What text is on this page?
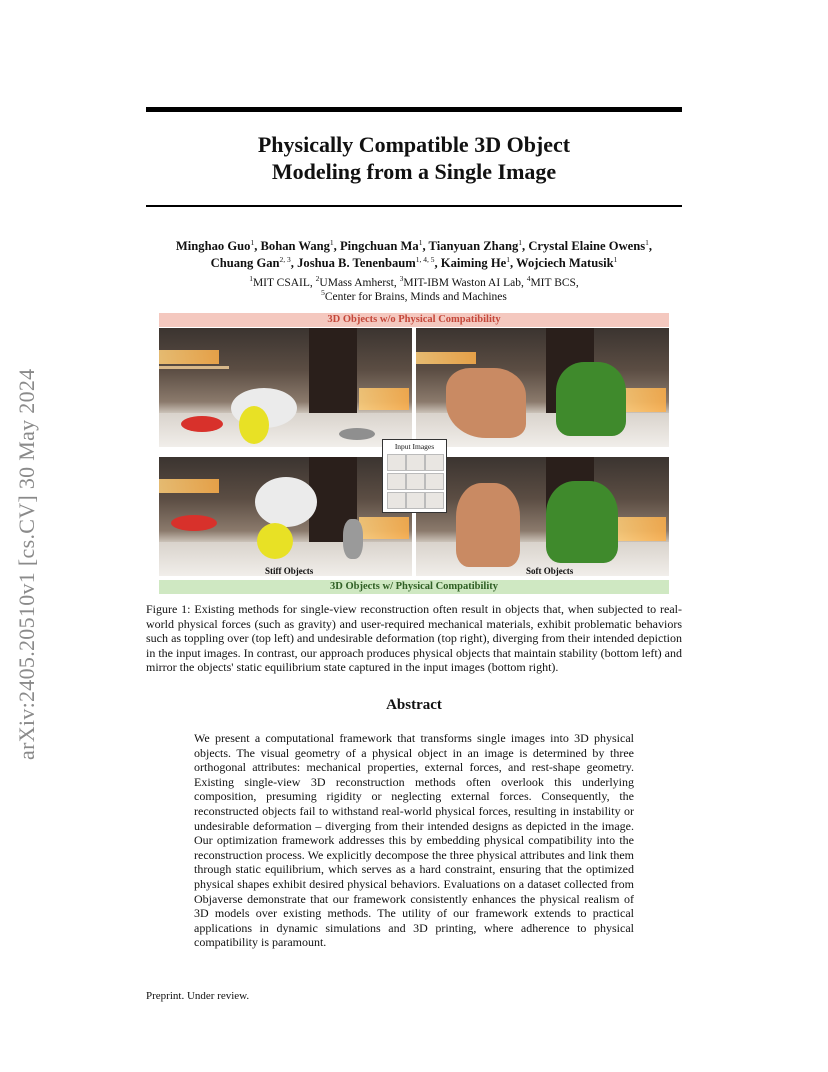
arXiv:2405.20510v1 [cs.CV] 30 May 2024
Physically Compatible 3D Object
Modeling from a Single Image
Minghao Guo$^1$, Bohan Wang$^1$, Pingchuan Ma$^1$, Tianyuan Zhang$^1$, Crystal Elaine Owens$^1$,
Chuang Gan$^{2, 3}$, Joshua B. Tenenbaum$^{1, 4, 5}$, Kaiming He$^1$, Wojciech Matusik$^1$
$^1$MIT CSAIL, $^2$UMass Amherst, $^3$MIT-IBM Waston AI Lab, $^4$MIT BCS,
$^5$Center for Brains, Minds and Machines
3D Objects w/o Physical Compatibility
Stiff Objects	Soft Objects
Input Images
3D Objects w/ Physical Compatibility
Figure 1: Existing methods for single-view reconstruction often result in objects that, when subjected to real-world physical forces (such as gravity) and user-required mechanical materials, exhibit problematic behaviors such as toppling over (top left) and undesirable deformation (top right), diverging from their intended depiction in the input images. In contrast, our approach produces physical objects that maintain stability (bottom left) and mirror the objects' static equilibrium state captured in the input images (bottom right).
Abstract
We present a computational framework that transforms single images into 3D physical objects. The visual geometry of a physical object in an image is determined by three orthogonal attributes: mechanical properties, external forces, and rest-shape geometry. Existing single-view 3D reconstruction methods often overlook this underlying composition, presuming rigidity or neglecting external forces. Consequently, the reconstructed objects fail to withstand real-world physical forces, resulting in instability or undesirable deformation – diverging from their intended designs as depicted in the image. Our optimization framework addresses this by embedding physical compatibility into the reconstruction process. We explicitly decompose the three physical attributes and link them through static equilibrium, which serves as a hard constraint, ensuring that the optimized physical shapes exhibit desired physical behaviors. Evaluations on a dataset collected from Objaverse demonstrate that our framework consistently enhances the physical realism of 3D models over existing methods. The utility of our framework extends to practical applications in dynamic simulations and 3D printing, where adherence to physical compatibility is paramount.
Preprint. Under review.
